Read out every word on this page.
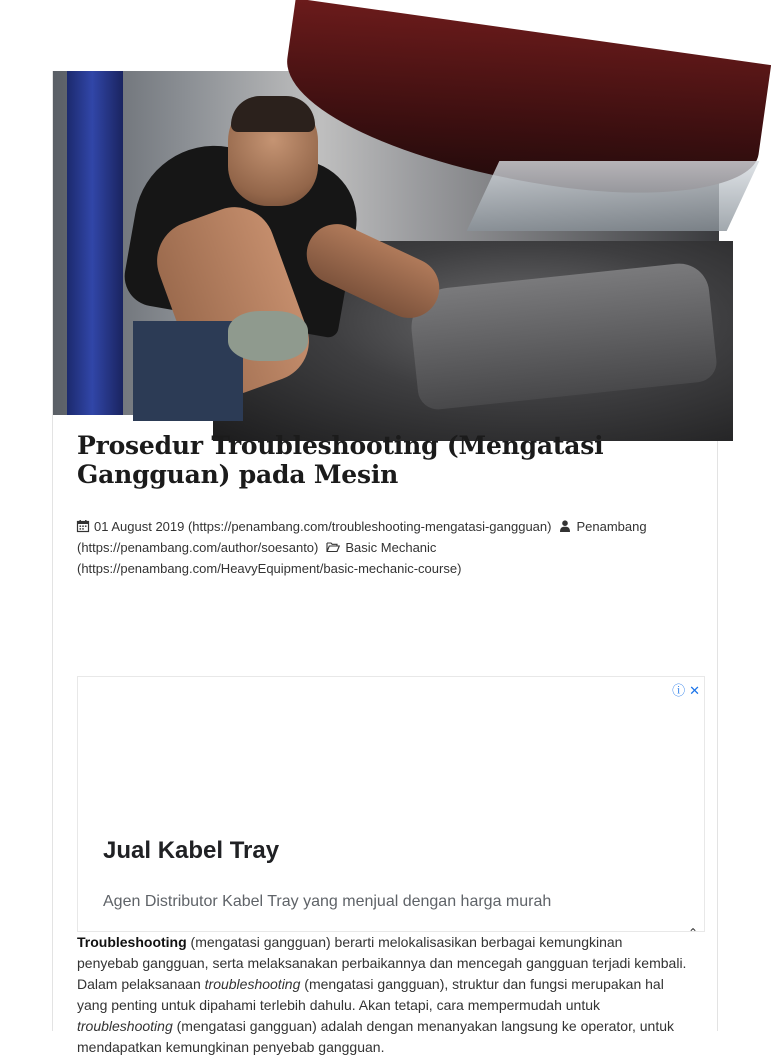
Prosedur Troubleshooting (Mengatasi Gangguan) pada Mesin
01 August 2019 (https://penambang.com/troubleshooting-mengatasi-gangguan) Penambang (https://penambang.com/author/soesanto) Basic Mechanic (https://penambang.com/HeavyEquipment/basic-mechanic-course)
ⓘ ✕
Jual Kabel Tray
Agen Distributor Kabel Tray yang menjual dengan harga murah

Troubleshooting (mengatasi gangguan) berarti melokalisasikan berbagai kemungkinan penyebab gangguan, serta melaksanakan perbaikannya dan mencegah gangguan terjadi kembali. Dalam pelaksanaan troubleshooting (mengatasi gangguan), struktur dan fungsi merupakan hal yang penting untuk dipahami terlebih dahulu. Akan tetapi, cara mempermudah untuk troubleshooting (mengatasi gangguan) adalah dengan menanyakan langsung ke operator, untuk mendapatkan kemungkinan penyebab gangguan.

⌃
